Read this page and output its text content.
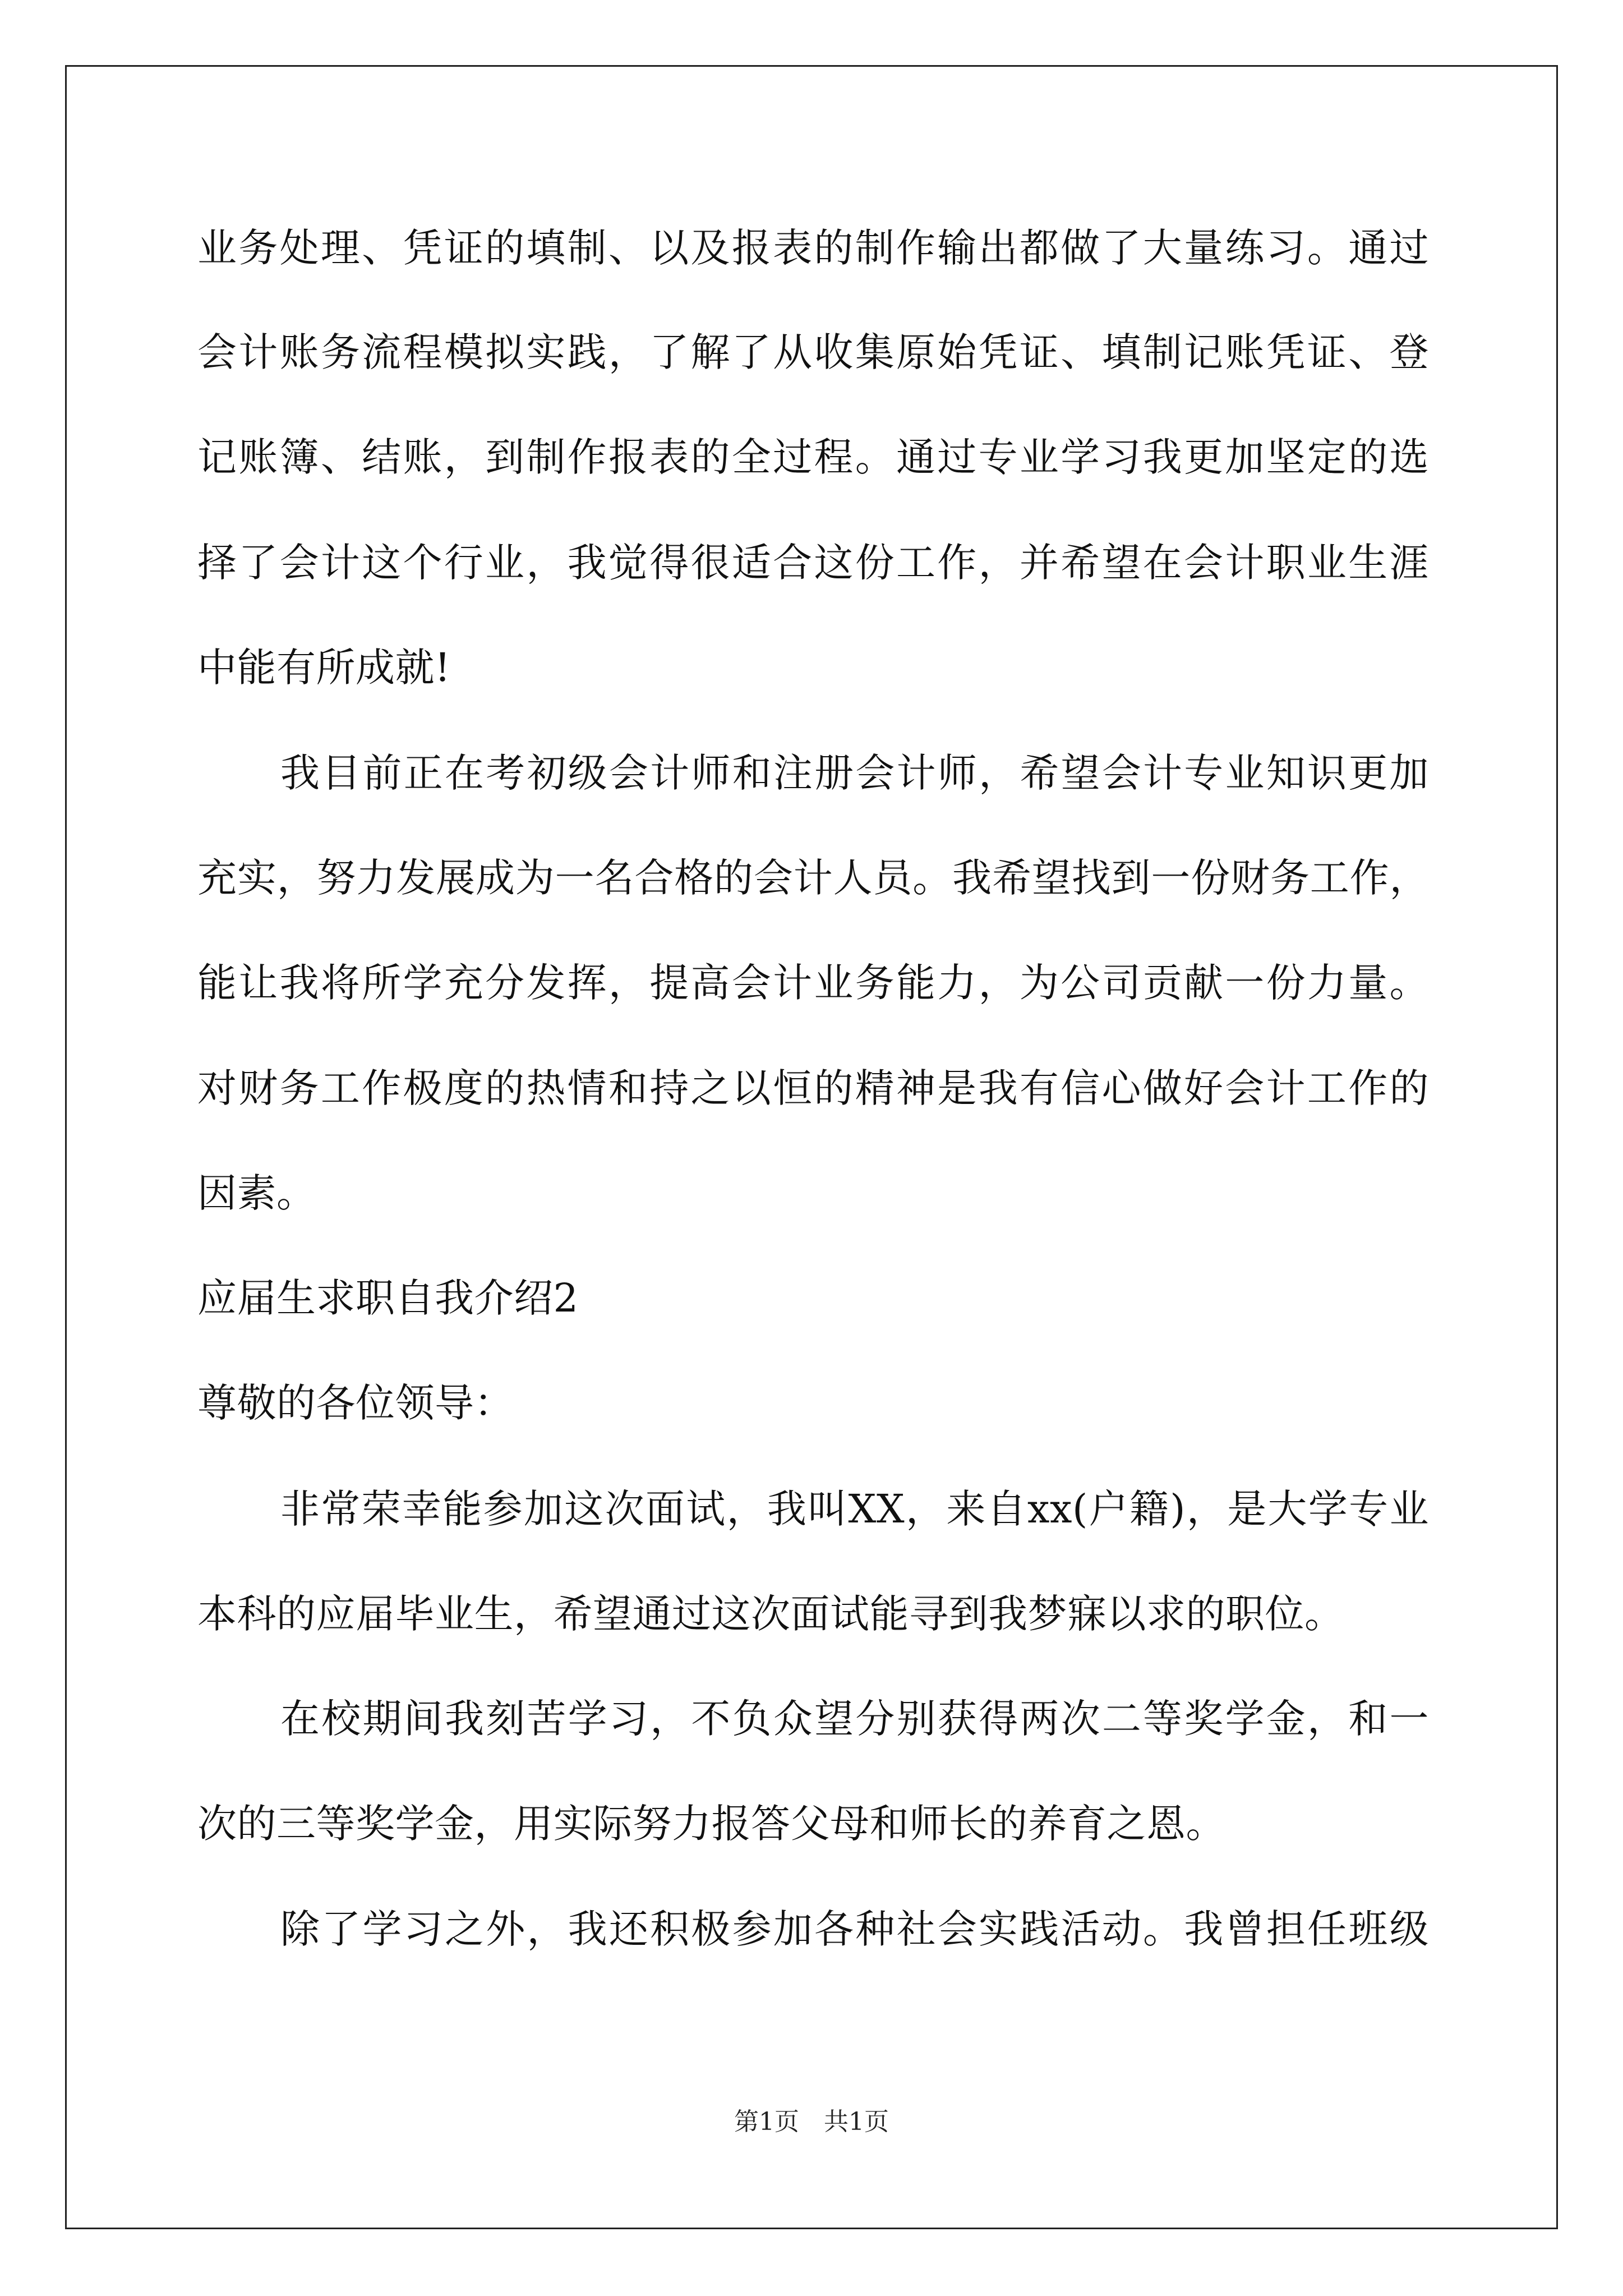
业务处理、凭证的填制、以及报表的制作输出都做了大量练习。通过
会计账务流程模拟实践，了解了从收集原始凭证、填制记账凭证、登
记账簿、结账，到制作报表的全过程。通过专业学习我更加坚定的选
择了会计这个行业，我觉得很适合这份工作，并希望在会计职业生涯
中能有所成就!
我目前正在考初级会计师和注册会计师，希望会计专业知识更加
充实，努力发展成为一名合格的会计人员。我希望找到一份财务工作，
能让我将所学充分发挥，提高会计业务能力，为公司贡献一份力量。
对财务工作极度的热情和持之以恒的精神是我有信心做好会计工作的
因素。
应届生求职自我介绍2
尊敬的各位领导：
非常荣幸能参加这次面试，我叫XX，来自xx(户籍)，是大学专业
本科的应届毕业生，希望通过这次面试能寻到我梦寐以求的职位。
在校期间我刻苦学习，不负众望分别获得两次二等奖学金，和一
次的三等奖学金，用实际努力报答父母和师长的养育之恩。
除了学习之外，我还积极参加各种社会实践活动。我曾担任班级
第1页　共1页
